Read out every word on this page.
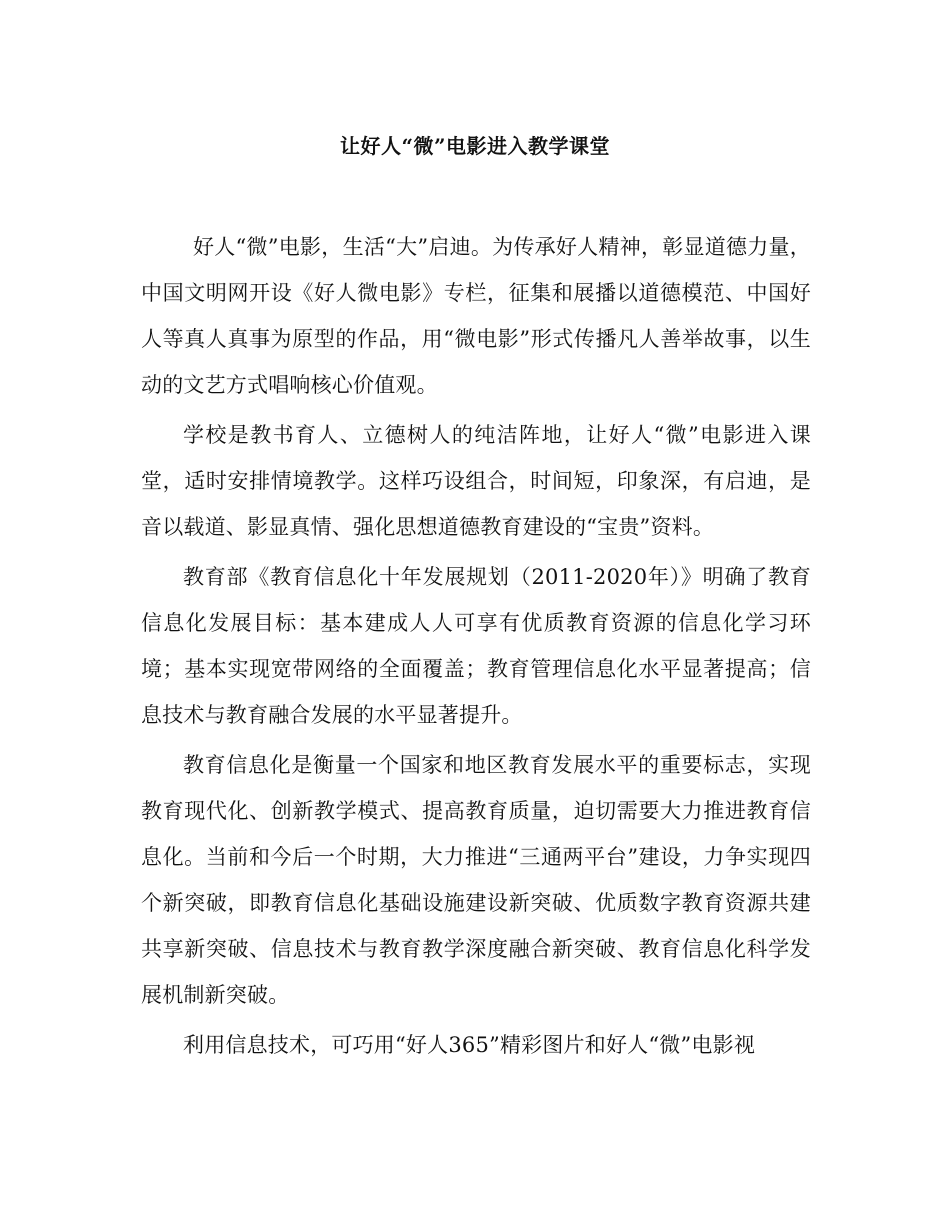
让好人“微”电影进入教学课堂

好人“微”电影，生活“大”启迪。为传承好人精神，彰显道德力量，中国文明网开设《好人微电影》专栏，征集和展播以道德模范、中国好人等真人真事为原型的作品，用“微电影”形式传播凡人善举故事，以生动的文艺方式唱响核心价值观。

学校是教书育人、立德树人的纯洁阵地，让好人“微”电影进入课堂，适时安排情境教学。这样巧设组合，时间短，印象深，有启迪，是音以载道、影显真情、强化思想道德教育建设的“宝贵”资料。

教育部《教育信息化十年发展规划（2011-2020年）》明确了教育信息化发展目标：基本建成人人可享有优质教育资源的信息化学习环境；基本实现宽带网络的全面覆盖；教育管理信息化水平显著提高；信息技术与教育融合发展的水平显著提升。

教育信息化是衡量一个国家和地区教育发展水平的重要标志，实现教育现代化、创新教学模式、提高教育质量，迫切需要大力推进教育信息化。当前和今后一个时期，大力推进“三通两平台”建设，力争实现四个新突破，即教育信息化基础设施建设新突破、优质数字教育资源共建共享新突破、信息技术与教育教学深度融合新突破、教育信息化科学发展机制新突破。

利用信息技术，可巧用“好人365”精彩图片和好人“微”电影视
